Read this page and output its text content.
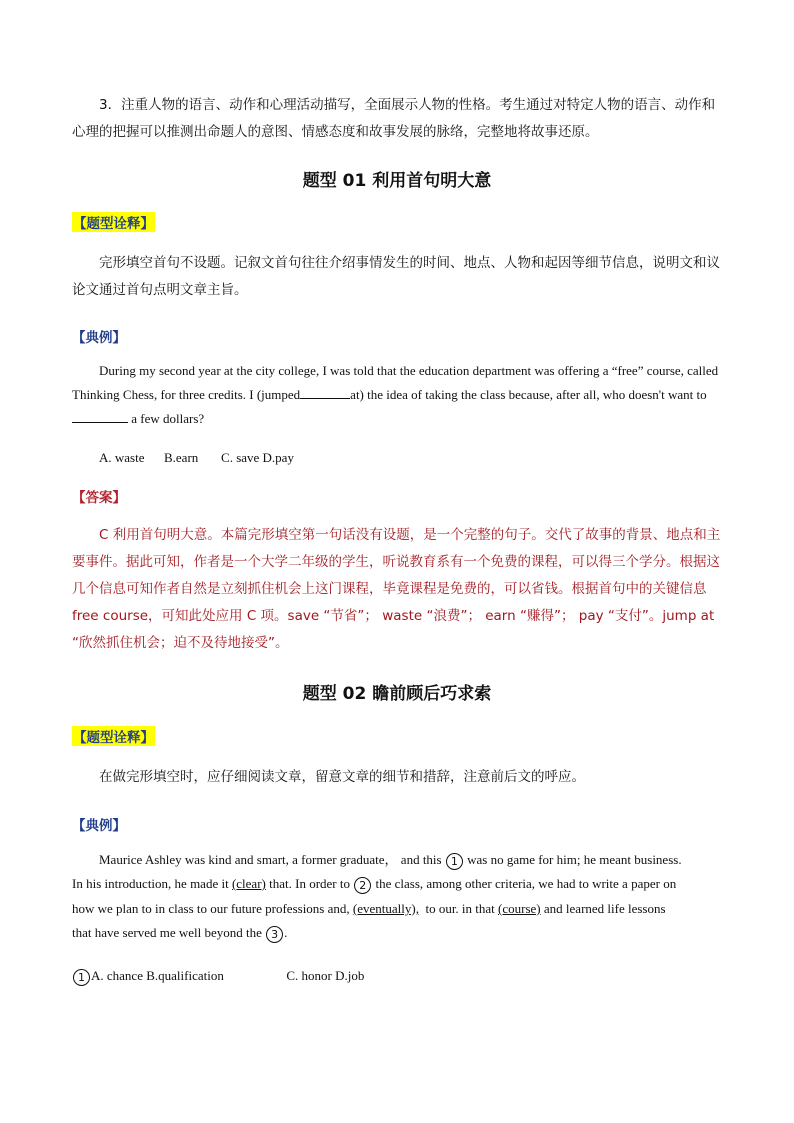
3．注重人物的语言、动作和心理活动描写，全面展示人物的性格。考生通过对特定人物的语言、动作和心理的把握可以推测出命题人的意图、情感态度和故事发展的脉络，完整地将故事还原。
题型 01 利用首句明大意
【题型诠释】
完形填空首句不设题。记叙文首句往往介绍事情发生的时间、地点、人物和起因等细节信息，说明文和议论文通过首句点明文章主旨。
【典例】
During my second year at the city college, I was told that the education department was offering a “free” course, called Thinking Chess, for three credits. I (jumped	at) the idea of taking the class because, after all, who doesn't want to a few dollars?
A. waste      B.earn       C. save D.pay
【答案】
C 利用首句明大意。本篇完形填空第一句话没有设题，是一个完整的句子。交代了故事的背景、地点和主要事件。据此可知，作者是一个大学二年级的学生，听说教育系有一个免费的课程，可以得三个学分。根据这几个信息可知作者自然是立刻抓住机会上这门课程，毕竟课程是免费的，可以省钱。根据首句中的关键信息 free course，可知此处应用 C 项。save “节省”； waste “浪费”； earn “赚得”； pay “支付”。jump at “欣然抓住机会；迫不及待地接受”。
题型 02 瞻前顾后巧求索
【题型诠释】
在做完形填空时，应仔细阅读文章，留意文章的细节和措辞，注意前后文的呼应。
【典例】
Maurice Ashley was kind and smart, a former graduate， and this 1 was no game for him; he meant business.
In his introduction, he made it (clear) that. In order to 2 the class, among other criteria, we had to write a paper on
how we plan to in class to our future professions and, (eventually),  to our. in that (course) and learned life lessons
that have served me well beyond the 3 .
1 A. chance B.qualification	C. honor D.job
